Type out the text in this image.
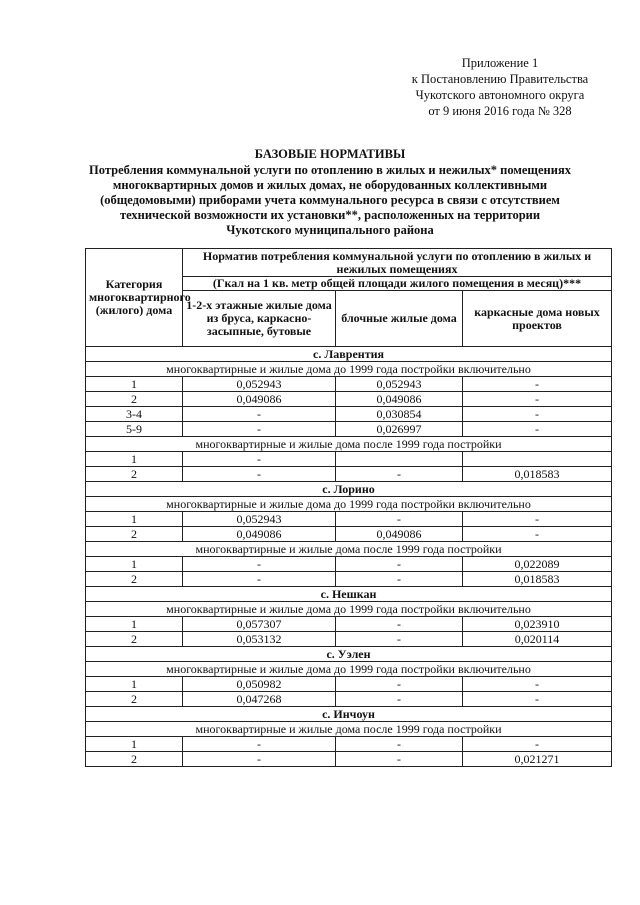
Приложение 1
к Постановлению Правительства
Чукотского автономного округа
от 9 июня 2016 года № 328
БАЗОВЫЕ НОРМАТИВЫ
Потребления коммунальной услуги по отоплению в жилых и нежилых* помещениях
многоквартирных домов и жилых домах, не оборудованных коллективными
(общедомовыми) приборами учета коммунального ресурса в связи с отсутствием
технической возможности их установки**, расположенных на территории
Чукотского муниципального района
Категория многоквартирного (жилого) дома	Норматив потребления коммунальной услуги по отоплению в жилых и нежилых помещениях		
	(Гкал на 1 кв. метр общей площади жилого помещения в месяц)***		
	1-2-х этажные жилые дома из бруса, каркасно-засыпные, бутовые	блочные жилые дома	каркасные дома новых проектов
с. Лаврентия			
многоквартирные и жилые дома до 1999 года постройки включительно			
1	0,052943	0,052943	-
2	0,049086	0,049086	-
3-4	-	0,030854	-
5-9	-	0,026997	-
многоквартирные и жилые дома после 1999 года постройки			
1	-		
2	-	-	0,018583
с. Лорино			
многоквартирные и жилые дома до 1999 года постройки включительно			
1	0,052943	-	-
2	0,049086	0,049086	-
многоквартирные и жилые дома после 1999 года постройки			
1	-	-	0,022089
2	-	-	0,018583
с. Нешкан			
многоквартирные и жилые дома до 1999 года постройки включительно			
1	0,057307	-	0,023910
2	0,053132	-	0,020114
с. Уэлен			
многоквартирные и жилые дома до 1999 года постройки включительно			
1	0,050982	-	-
2	0,047268	-	-
с. Инчоун			
многоквартирные и жилые дома после 1999 года постройки			
1	-	-	-
2	-	-	0,021271
